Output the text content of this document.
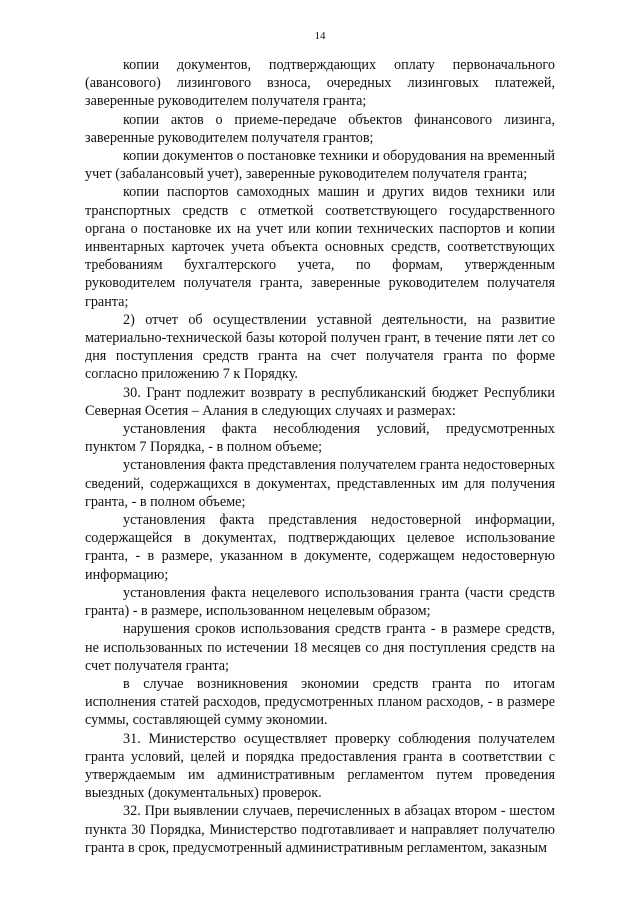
14

копии документов, подтверждающих оплату первоначального (авансового) лизингового взноса, очередных лизинговых платежей, заверенные руководителем получателя гранта;

копии актов о приеме-передаче объектов финансового лизинга, заверенные руководителем получателя грантов;

копии документов о постановке техники и оборудования на временный учет (забалансовый учет), заверенные руководителем получателя гранта;

копии паспортов самоходных машин и других видов техники или транспортных средств с отметкой соответствующего государственного органа о постановке их на учет или копии технических паспортов и копии инвентарных карточек учета объекта основных средств, соответствующих требованиям бухгалтерского учета, по формам, утвержденным руководителем получателя гранта, заверенные руководителем получателя гранта;

2) отчет об осуществлении уставной деятельности, на развитие материально-технической базы которой получен грант, в течение пяти лет со дня поступления средств гранта на счет получателя гранта по форме согласно приложению 7 к Порядку.

30. Грант подлежит возврату в республиканский бюджет Республики Северная Осетия – Алания в следующих случаях и размерах:

установления факта несоблюдения условий, предусмотренных пунктом 7 Порядка, - в полном объеме;

установления факта представления получателем гранта недостоверных сведений, содержащихся в документах, представленных им для получения гранта, - в полном объеме;

установления факта представления недостоверной информации, содержащейся в документах, подтверждающих целевое использование гранта, - в размере, указанном в документе, содержащем недостоверную информацию;

установления факта нецелевого использования гранта (части средств гранта) - в размере, использованном нецелевым образом;

нарушения сроков использования средств гранта - в размере средств, не использованных по истечении 18 месяцев со дня поступления средств на счет получателя гранта;

в случае возникновения экономии средств гранта по итогам исполнения статей расходов, предусмотренных планом расходов, - в размере суммы, составляющей сумму экономии.

31. Министерство осуществляет проверку соблюдения получателем гранта условий, целей и порядка предоставления гранта в соответствии с утверждаемым им административным регламентом путем проведения выездных (документальных) проверок.

32. При выявлении случаев, перечисленных в абзацах втором - шестом пункта 30 Порядка, Министерство подготавливает и направляет получателю гранта в срок, предусмотренный административным регламентом, заказным
